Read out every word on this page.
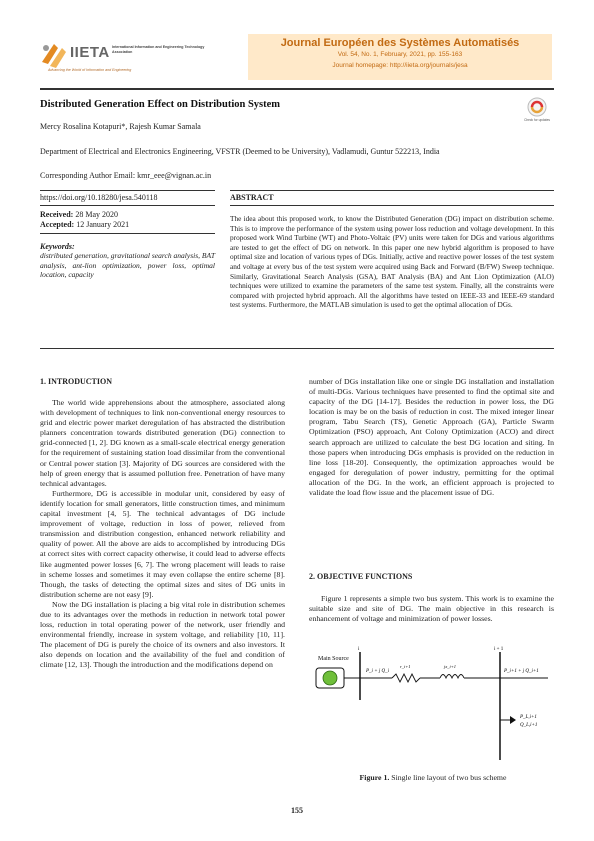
IIETA International Information and Engineering Technology Association
Advancing the World of Information and Engineering
Journal Européen des Systèmes Automatisés
Vol. 54, No. 1, February, 2021, pp. 155-163
Journal homepage: http://iieta.org/journals/jesa
Distributed Generation Effect on Distribution System
Check for updates
Mercy Rosalina Kotapuri*, Rajesh Kumar Samala
Department of Electrical and Electronics Engineering, VFSTR (Deemed to be University), Vadlamudi, Guntur 522213, India
Corresponding Author Email: kmr_eee@vignan.ac.in
https://doi.org/10.18280/jesa.540118	ABSTRACT
Received: 28 May 2020
Accepted: 12 January 2021
Keywords:
distributed generation, gravitational search analysis, BAT analysis, ant-lion optimization, power loss, optimal location, capacity
The idea about this proposed work, to know the Distributed Generation (DG) impact on distribution scheme. This is to improve the performance of the system using power loss reduction and voltage development. In this proposed work Wind Turbine (WT) and Photo-Voltaic (PV) units were taken for DGs and various algorithms are tested to get the effect of DG on network. In this paper one new hybrid algorithm is proposed to have optimal size and location of various types of DGs. Initially, active and reactive power losses of the test system and voltage at every bus of the test system were acquired using Back and Forward (B/FW) Sweep technique. Similarly, Gravitational Search Analysis (GSA), BAT Analysis (BA) and Ant Lion Optimization (ALO) techniques were utilized to examine the parameters of the same test system. Finally, all the constraints were compared with projected hybrid approach. All the algorithms have tested on IEEE-33 and IEEE-69 standard test systems. Furthermore, the MATLAB simulation is used to get the optimal allocation of DGs.
1. INTRODUCTION

The world wide apprehensions about the atmosphere, associated along with development of techniques to link non-conventional energy resources to grid and electric power market deregulation of has abstracted the distribution planners concentration towards distributed generation (DG) connection to grid-connected [1, 2]. DG known as a small-scale electrical energy generation for the requirement of sustaining station load dissimilar from the conventional or Central power station [3]. Majority of DG sources are considered with the help of green energy that is assumed pollution free. Penetration of have many technical advantages.

Furthermore, DG is accessible in modular unit, considered by easy of identify location for small generators, little construction times, and minimum capital investment [4, 5]. The technical advantages of DG include improvement of voltage, reduction in loss of power, relieved from transmission and distribution congestion, enhanced network reliability and quality of power. All the above are aids to accomplished by introducing DGs at correct sites with correct capacity otherwise, it could lead to adverse effects like augmented power losses [6, 7]. The wrong placement will leads to raise in scheme losses and sometimes it may even collapse the entire scheme [8]. Though, the tasks of detecting the optimal sizes and sites of DG units in distribution scheme are not easy [9].

Now the DG installation is placing a big vital role in distribution schemes due to its advantages over the methods in reduction in network total power loss, reduction in total operating power of the network, user friendly and environmental friendly, increase in system voltage, and reliability [10, 11]. The placement of DG is purely the choice of its owners and also investors. It also depends on location and the availability of the fuel and condition of climate [12, 13]. Though the introduction and the modifications depend on

number of DGs installation like one or single DG installation and installation of multi-DGs. Various techniques have presented to find the optimal site and capacity of the DG [14-17]. Besides the reduction in power loss, the DG location is may be on the basis of reduction in cost. The mixed integer linear program, Tabu Search (TS), Genetic Approach (GA), Particle Swarm Optimization (PSO) approach, Ant Colony Optimization (ACO) and direct search approach are utilized to calculate the best DG location and siting. In those papers when introducing DGs emphasis is provided on the reduction in line loss [18-20]. Consequently, the optimization approaches would be engaged for deregulation of power industry, permitting for the optimal allocation of the DG. In the work, an efficient approach is projected to validate the load flow issue and the placement issue of DG.

2. OBJECTIVE FUNCTIONS

Figure 1 represents a simple two bus system. This work is to examine the suitable size and site of DG. The main objective in this research is enhancement of voltage and minimization of power losses.

Main Source
i
P_i + j Q_i
r_i+1	jx_i+1
i + 1
P_i+1 + j Q_i+1
P_L,i+1
Q_L,i+1
Figure 1. Single line layout of two bus scheme
155
